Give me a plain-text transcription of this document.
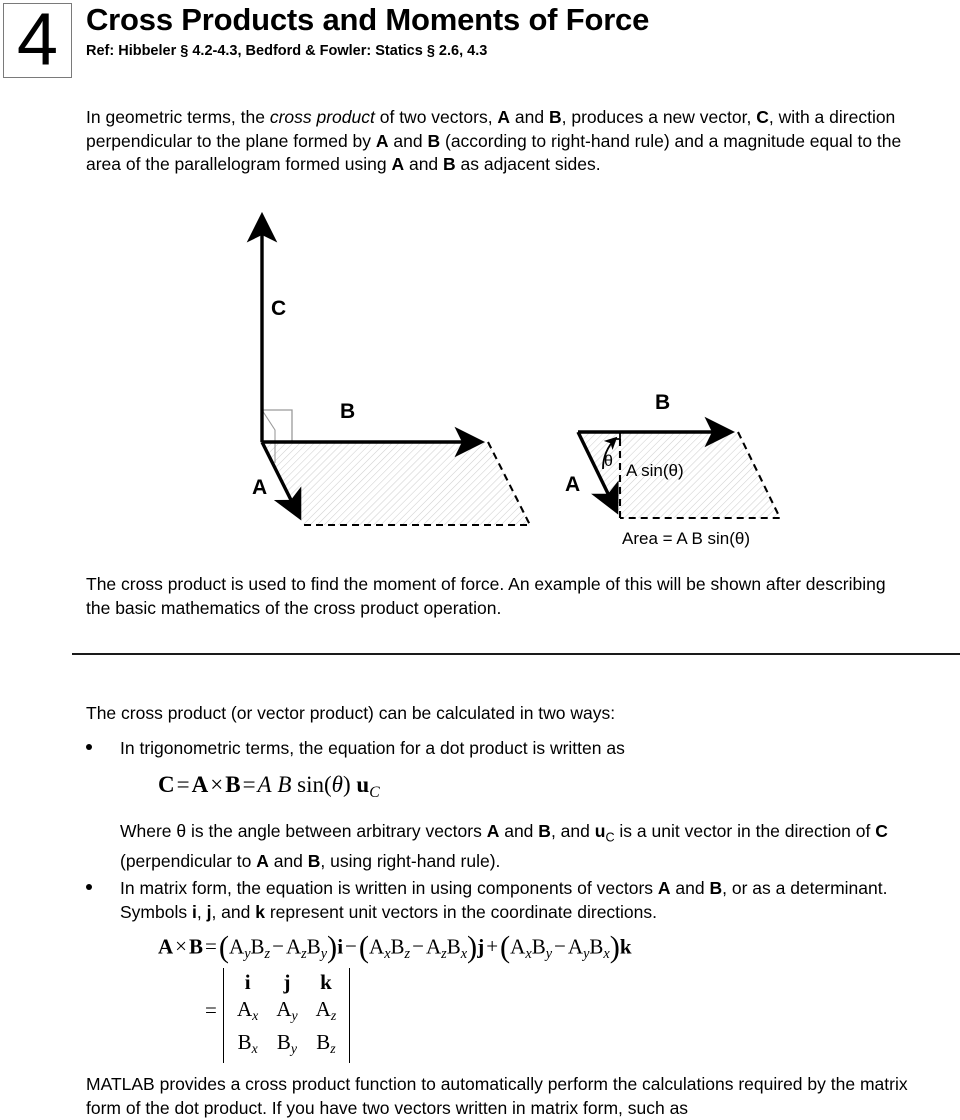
4 Cross Products and Moments of Force
Ref: Hibbeler § 4.2-4.3, Bedford & Fowler: Statics § 2.6, 4.3
In geometric terms, the cross product of two vectors, A and B, produces a new vector, C, with a direction perpendicular to the plane formed by A and B (according to right-hand rule) and a magnitude equal to the area of the parallelogram formed using A and B as adjacent sides.
C
B
A
B
A
θ A sin(θ)
Area = A B sin(θ)
The cross product is used to find the moment of force. An example of this will be shown after describing the basic mathematics of the cross product operation.
The cross product (or vector product) can be calculated in two ways:
In trigonometric terms, the equation for a dot product is written as
C=A×B=A B sin(θ) $u_C$
Where θ is the angle between arbitrary vectors A and B, and $u_C$ is a unit vector in the direction of C (perpendicular to A and B, using right-hand rule).
In matrix form, the equation is written in using components of vectors A and B, or as a determinant. Symbols i, j, and k represent unit vectors in the coordinate directions.
$A\times B=(A_yB_z-A_zB_y)i-(A_xB_z-A_zB_x)j+(A_xB_y-A_yB_x)k$
=
i	j	k
$A_x$	$A_y$	$A_z$
$B_x$	$B_y$	$B_z$
MATLAB provides a cross product function to automatically perform the calculations required by the matrix form of the dot product. If you have two vectors written in matrix form, such as
